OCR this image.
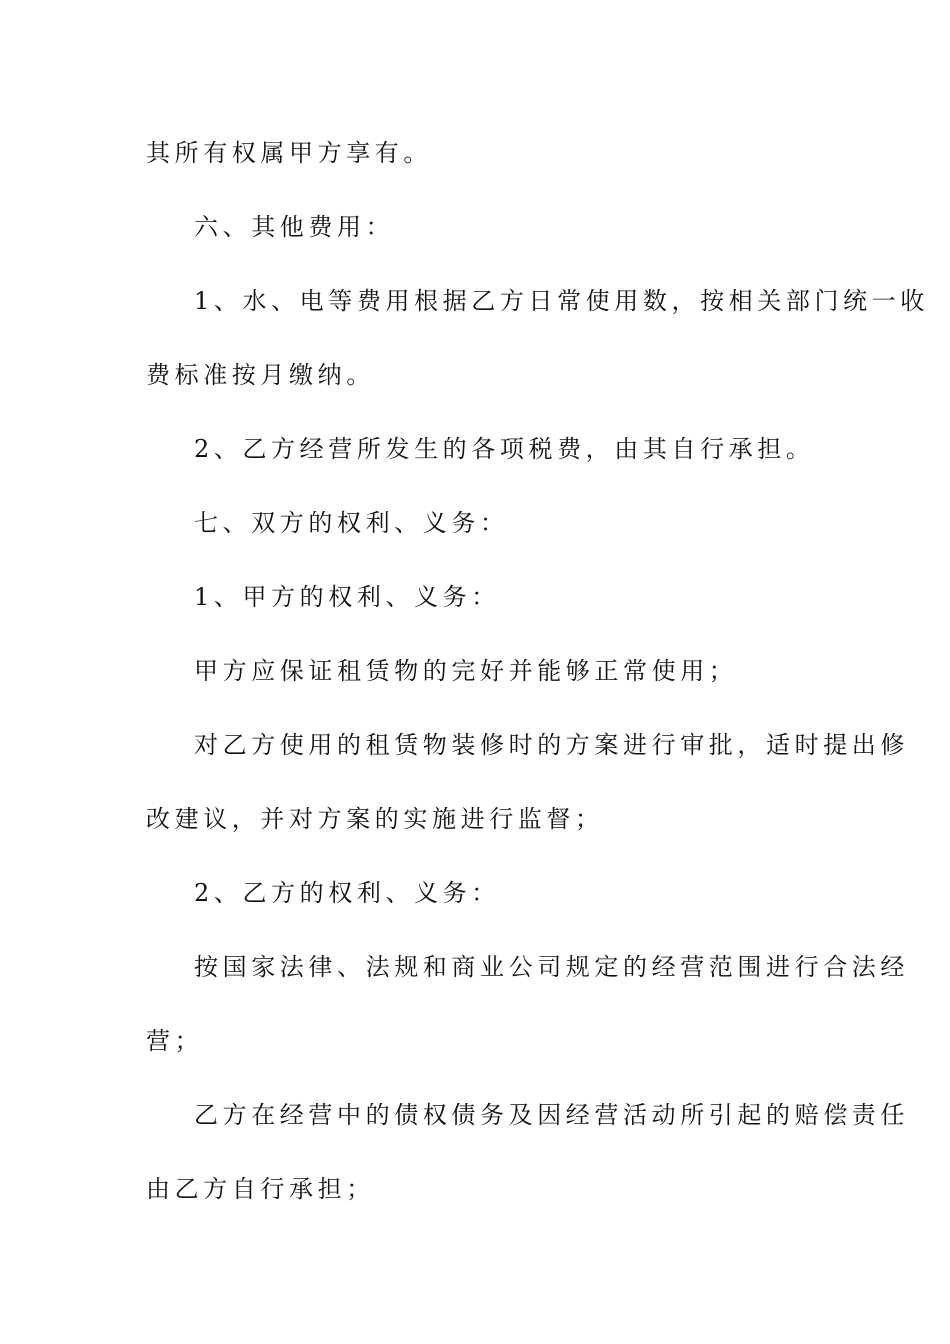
其所有权属甲方享有。
六、其他费用：
1、水、电等费用根据乙方日常使用数，按相关部门统一收
费标准按月缴纳。
2、乙方经营所发生的各项税费，由其自行承担。
七、双方的权利、义务：
1、甲方的权利、义务：
甲方应保证租赁物的完好并能够正常使用；
对乙方使用的租赁物装修时的方案进行审批，适时提出修
改建议，并对方案的实施进行监督；
2、乙方的权利、义务：
按国家法律、法规和商业公司规定的经营范围进行合法经
营；
乙方在经营中的债权债务及因经营活动所引起的赔偿责任
由乙方自行承担；
